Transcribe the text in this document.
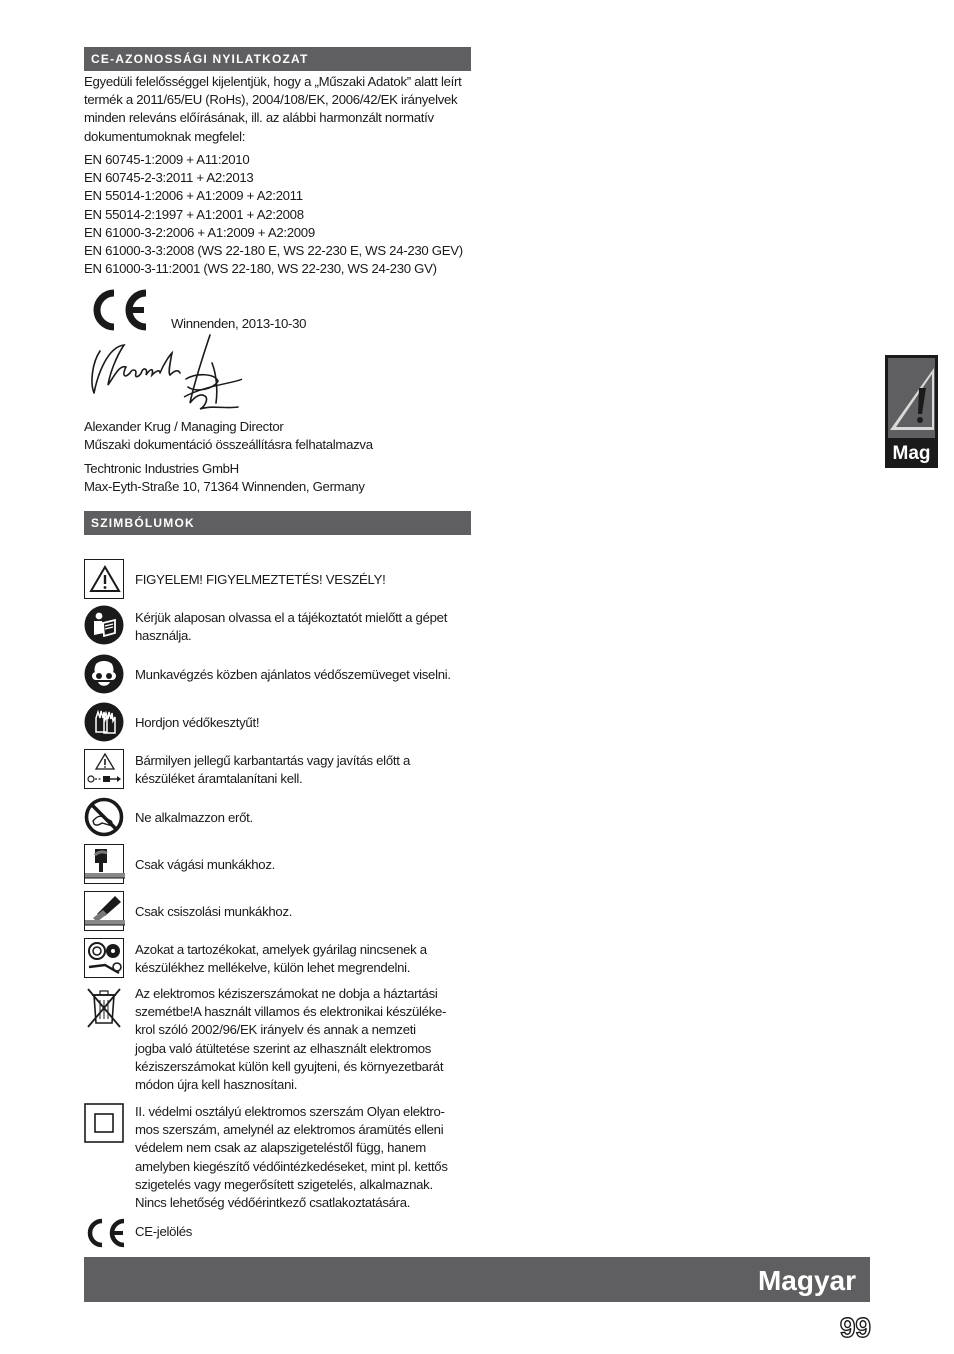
CE-AZONOSSÁGI NYILATKOZAT
Egyedüli felelősséggel kijelentjük, hogy a „Műszaki Adatok” alatt leírt
termék a 2011/65/EU (RoHs), 2004/108/EK, 2006/42/EK irányelvek
minden releváns előírásának, ill. az alábbi harmonzált normatív
dokumentumoknak megfelel:
EN 60745-1:2009 + A11:2010
EN 60745-2-3:2011 + A2:2013
EN 55014-1:2006 + A1:2009 + A2:2011
EN 55014-2:1997 + A1:2001 + A2:2008
EN 61000-3-2:2006 + A1:2009 + A2:2009
EN 61000-3-3:2008 (WS 22-180 E, WS 22-230 E, WS 24-230 GEV)
EN 61000-3-11:2001 (WS 22-180, WS 22-230, WS 24-230 GV)
Winnenden, 2013-10-30
Alexander Krug / Managing Director
Műszaki dokumentáció összeállításra felhatalmazva
Techtronic Industries GmbH
Max-Eyth-Straße 10, 71364 Winnenden, Germany
SZIMBÓLUMOK
FIGYELEM! FIGYELMEZTETÉS! VESZÉLY!
Kérjük alaposan olvassa el a tájékoztatót mielőtt a gépet
használja.
Munkavégzés közben ajánlatos védőszemüveget viselni.
Hordjon védőkesztyűt!
Bármilyen jellegű karbantartás vagy javítás előtt a
készüléket áramtalanítani kell.
Ne alkalmazzon erőt.
Csak vágási munkákhoz.
Csak csiszolási munkákhoz.
Azokat a tartozékokat, amelyek gyárilag nincsenek a
készülékhez mellékelve, külön lehet megrendelni.
Az elektromos kéziszerszámokat ne dobja a háztartási
szemétbe!A használt villamos és elektronikai készüléke-
krol szóló 2002/96/EK irányelv és annak a nemzeti
jogba való átültetése szerint az elhasznált elektromos
kéziszerszámokat külön kell gyujteni, és környezetbarát
módon újra kell hasznosítani.
II. védelmi osztályú elektromos szerszám Olyan elektro-
mos szerszám, amelynél az elektromos áramütés elleni
védelem nem csak az alapszigeteléstől függ, hanem
amelyben kiegészítő védőintézkedéseket, mint pl. kettős
szigetelés vagy megerősített szigetelés, alkalmaznak.
Nincs lehetőség védőérintkező csatlakoztatására.
CE-jelölés
Mag
Magyar
99
